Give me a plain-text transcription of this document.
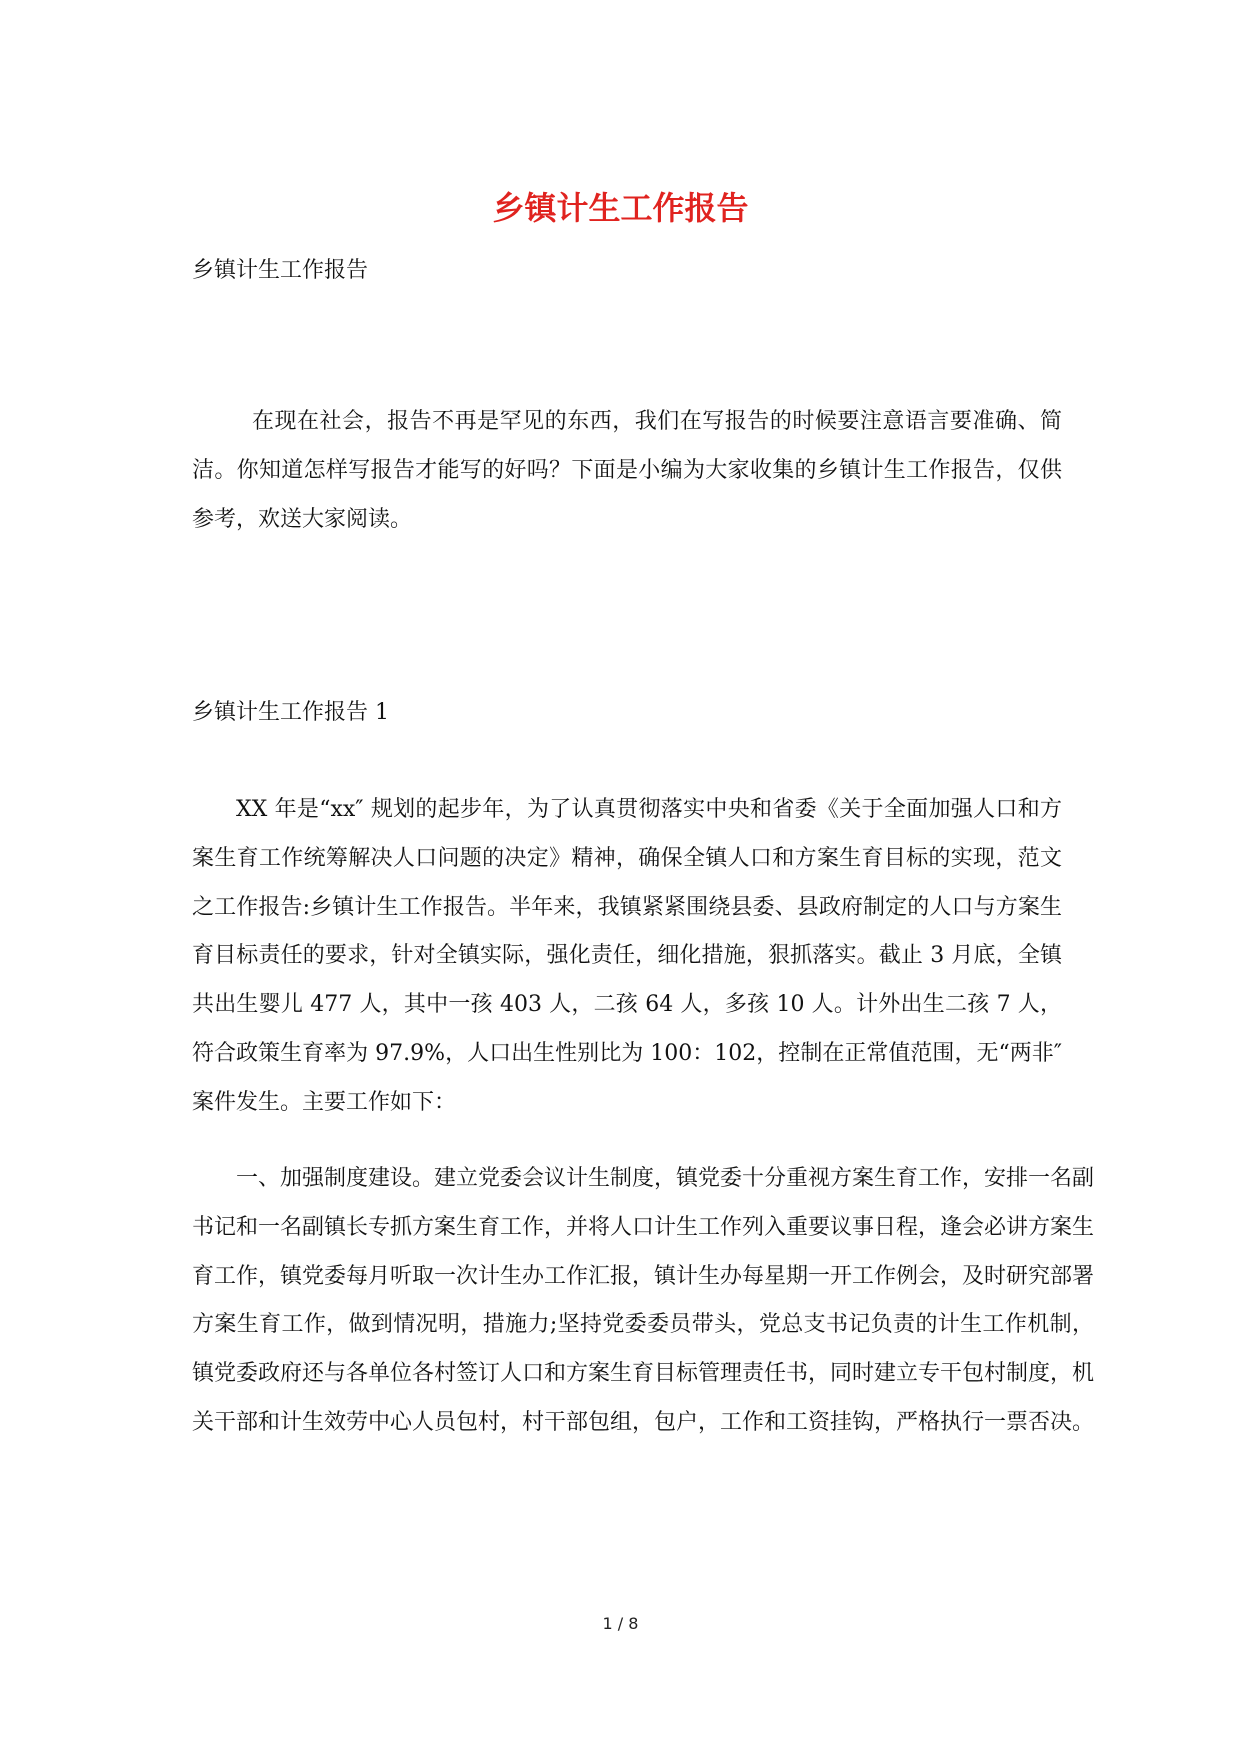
乡镇计生工作报告

乡镇计生工作报告

在现在社会，报告不再是罕见的东西，我们在写报告的时候要注意语言要准确、简洁。你知道怎样写报告才能写的好吗？下面是小编为大家收集的乡镇计生工作报告，仅供参考，欢送大家阅读。

乡镇计生工作报告 1

XX 年是“xx″ 规划的起步年，为了认真贯彻落实中央和省委《关于全面加强人口和方案生育工作统筹解决人口问题的决定》精神，确保全镇人口和方案生育目标的实现，范文之工作报告:乡镇计生工作报告。半年来，我镇紧紧围绕县委、县政府制定的人口与方案生育目标责任的要求，针对全镇实际，强化责任，细化措施，狠抓落实。截止 3 月底，全镇共出生婴儿 477 人，其中一孩 403 人，二孩 64 人，多孩 10 人。计外出生二孩 7 人，符合政策生育率为 97.9%，人口出生性别比为 100：102，控制在正常值范围，无“两非″ 案件发生。主要工作如下：

一、加强制度建设。建立党委会议计生制度，镇党委十分重视方案生育工作，安排一名副书记和一名副镇长专抓方案生育工作，并将人口计生工作列入重要议事日程，逢会必讲方案生育工作，镇党委每月听取一次计生办工作汇报，镇计生办每星期一开工作例会，及时研究部署方案生育工作，做到情况明，措施力;坚持党委委员带头，党总支书记负责的计生工作机制，镇党委政府还与各单位各村签订人口和方案生育目标管理责任书，同时建立专干包村制度，机关干部和计生效劳中心人员包村，村干部包组，包户，工作和工资挂钩，严格执行一票否决。

1 / 8
